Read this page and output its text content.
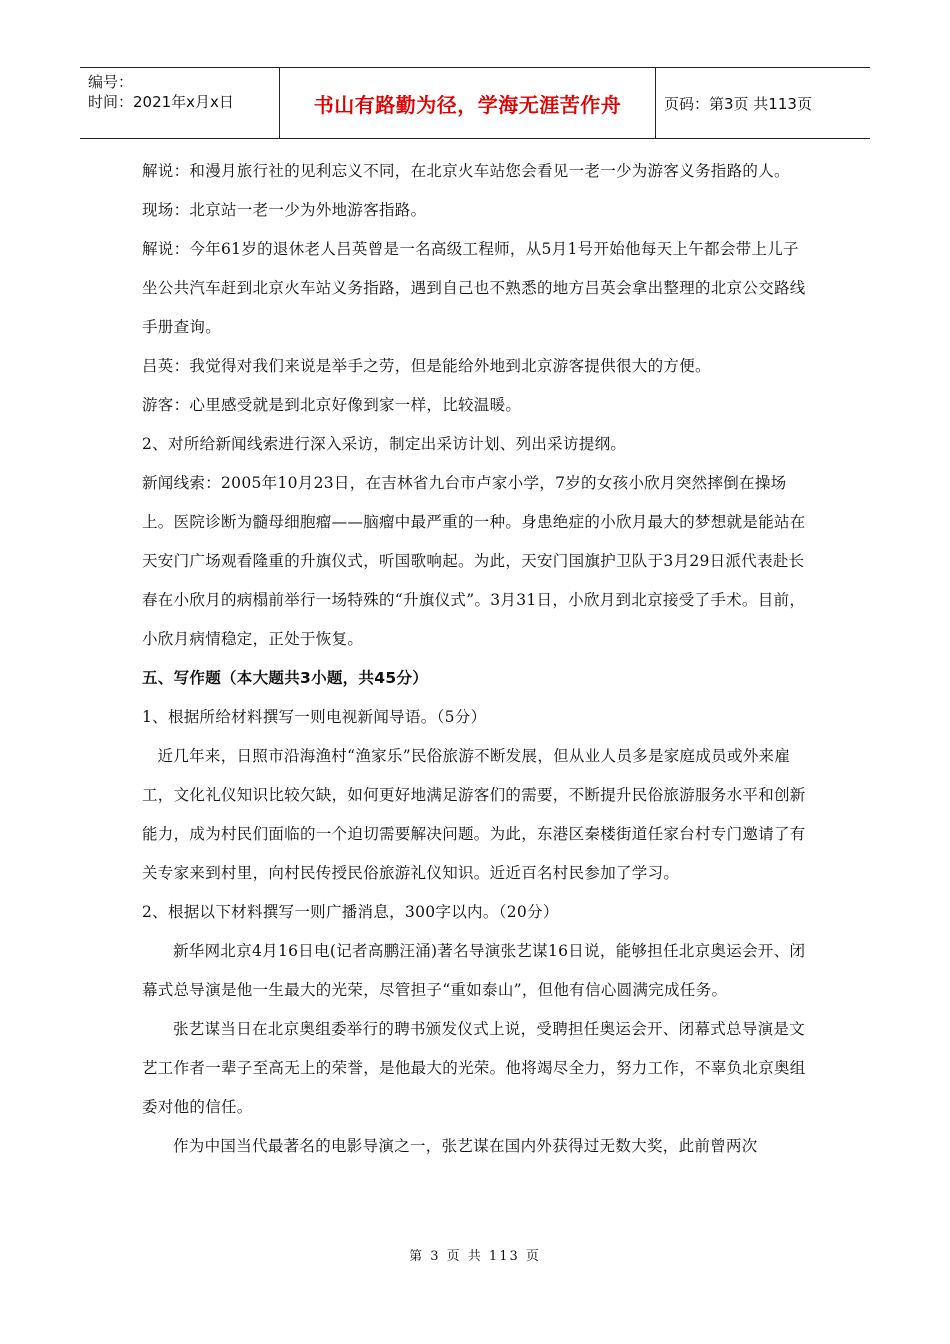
编号：
时间：2021年x月x日	书山有路勤为径，学海无涯苦作舟	页码：第3页 共113页

解说：和漫月旅行社的见利忘义不同，在北京火车站您会看见一老一少为游客义务指路的人。

现场：北京站一老一少为外地游客指路。

解说：今年61岁的退休老人吕英曾是一名高级工程师，从5月1号开始他每天上午都会带上儿子坐公共汽车赶到北京火车站义务指路，遇到自己也不熟悉的地方吕英会拿出整理的北京公交路线手册查询。

吕英：我觉得对我们来说是举手之劳，但是能给外地到北京游客提供很大的方便。

游客：心里感受就是到北京好像到家一样，比较温暖。

2、对所给新闻线索进行深入采访，制定出采访计划、列出采访提纲。

新闻线索：2005年10月23日，在吉林省九台市卢家小学，7岁的女孩小欣月突然摔倒在操场上。医院诊断为髓母细胞瘤——脑瘤中最严重的一种。身患绝症的小欣月最大的梦想就是能站在天安门广场观看隆重的升旗仪式，听国歌响起。为此，天安门国旗护卫队于3月29日派代表赴长春在小欣月的病榻前举行一场特殊的“升旗仪式”。3月31日，小欣月到北京接受了手术。目前，小欣月病情稳定，正处于恢复。

五、写作题（本大题共3小题，共45分）

1、根据所给材料撰写一则电视新闻导语。（5分）

近几年来，日照市沿海渔村“渔家乐”民俗旅游不断发展，但从业人员多是家庭成员或外来雇工，文化礼仪知识比较欠缺，如何更好地满足游客们的需要，不断提升民俗旅游服务水平和创新能力，成为村民们面临的一个迫切需要解决问题。为此，东港区秦楼街道任家台村专门邀请了有关专家来到村里，向村民传授民俗旅游礼仪知识。近近百名村民参加了学习。

2、根据以下材料撰写一则广播消息，300字以内。（20分）

新华网北京4月16日电(记者高鹏汪涌)著名导演张艺谋16日说，能够担任北京奥运会开、闭幕式总导演是他一生最大的光荣，尽管担子“重如泰山”，但他有信心圆满完成任务。

张艺谋当日在北京奥组委举行的聘书颁发仪式上说，受聘担任奥运会开、闭幕式总导演是文艺工作者一辈子至高无上的荣誉，是他最大的光荣。他将竭尽全力，努力工作，不辜负北京奥组委对他的信任。

作为中国当代最著名的电影导演之一，张艺谋在国内外获得过无数大奖，此前曾两次

第 3 页 共 113 页
